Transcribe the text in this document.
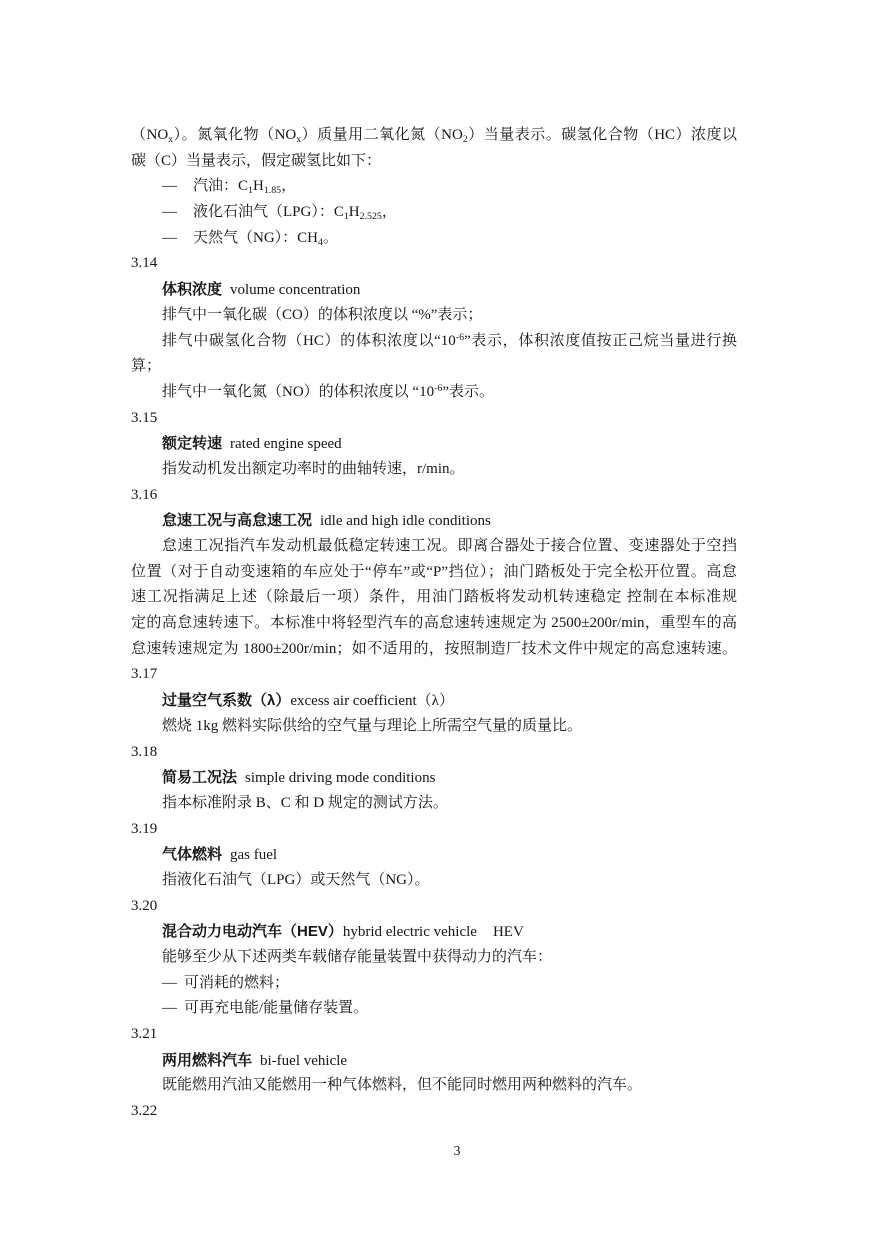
$(NO_x)$。氮氧化物$(NO_x)$质量用二氧化氮$(NO_2)$当量表示。碳氢化合物（HC）浓度以
碳（C）当量表示，假定碳氢比如下：
— 汽油：$C_1H_{1.85}$，
— 液化石油气（LPG）：$C_1H_{2.525}$，
— 天然气（NG）：$CH_4$。
3.14
体积浓度 volume concentration
排气中一氧化碳（CO）的体积浓度以 “%”表示；
排气中碳氢化合物（HC）的体积浓度以“$10^{-6}$”表示，体积浓度值按正己烷当量进行换
算；
排气中一氧化氮（NO）的体积浓度以 “$10^{-6}$”表示。
3.15
额定转速 rated engine speed
指发动机发出额定功率时的曲轴转速，r/min。
3.16
怠速工况与高怠速工况 idle and high idle conditions
怠速工况指汽车发动机最低稳定转速工况。即离合器处于接合位置、变速器处于空挡
位置（对于自动变速箱的车应处于“停车”或“P”挡位）；油门踏板处于完全松开位置。高怠
速工况指满足上述（除最后一项）条件，用油门踏板将发动机转速稳定 控制在本标准规
定的高怠速转速下。本标准中将轻型汽车的高怠速转速规定为 2500±200r/min，重型车的高
怠速转速规定为 1800±200r/min；如不适用的，按照制造厂技术文件中规定的高怠速转速。
3.17
过量空气系数（λ）excess air coefficient（λ）
燃烧 1kg 燃料实际供给的空气量与理论上所需空气量的质量比。
3.18
简易工况法 simple driving mode conditions
指本标准附录 B、C 和 D 规定的测试方法。
3.19
气体燃料 gas fuel
指液化石油气（LPG）或天然气（NG）。
3.20
混合动力电动汽车（HEV）hybrid electric vehicle HEV
能够至少从下述两类车载储存能量装置中获得动力的汽车：
— 可消耗的燃料；
— 可再充电能/能量储存装置。
3.21
两用燃料汽车 bi-fuel vehicle
既能燃用汽油又能燃用一种气体燃料，但不能同时燃用两种燃料的汽车。
3.22
3
